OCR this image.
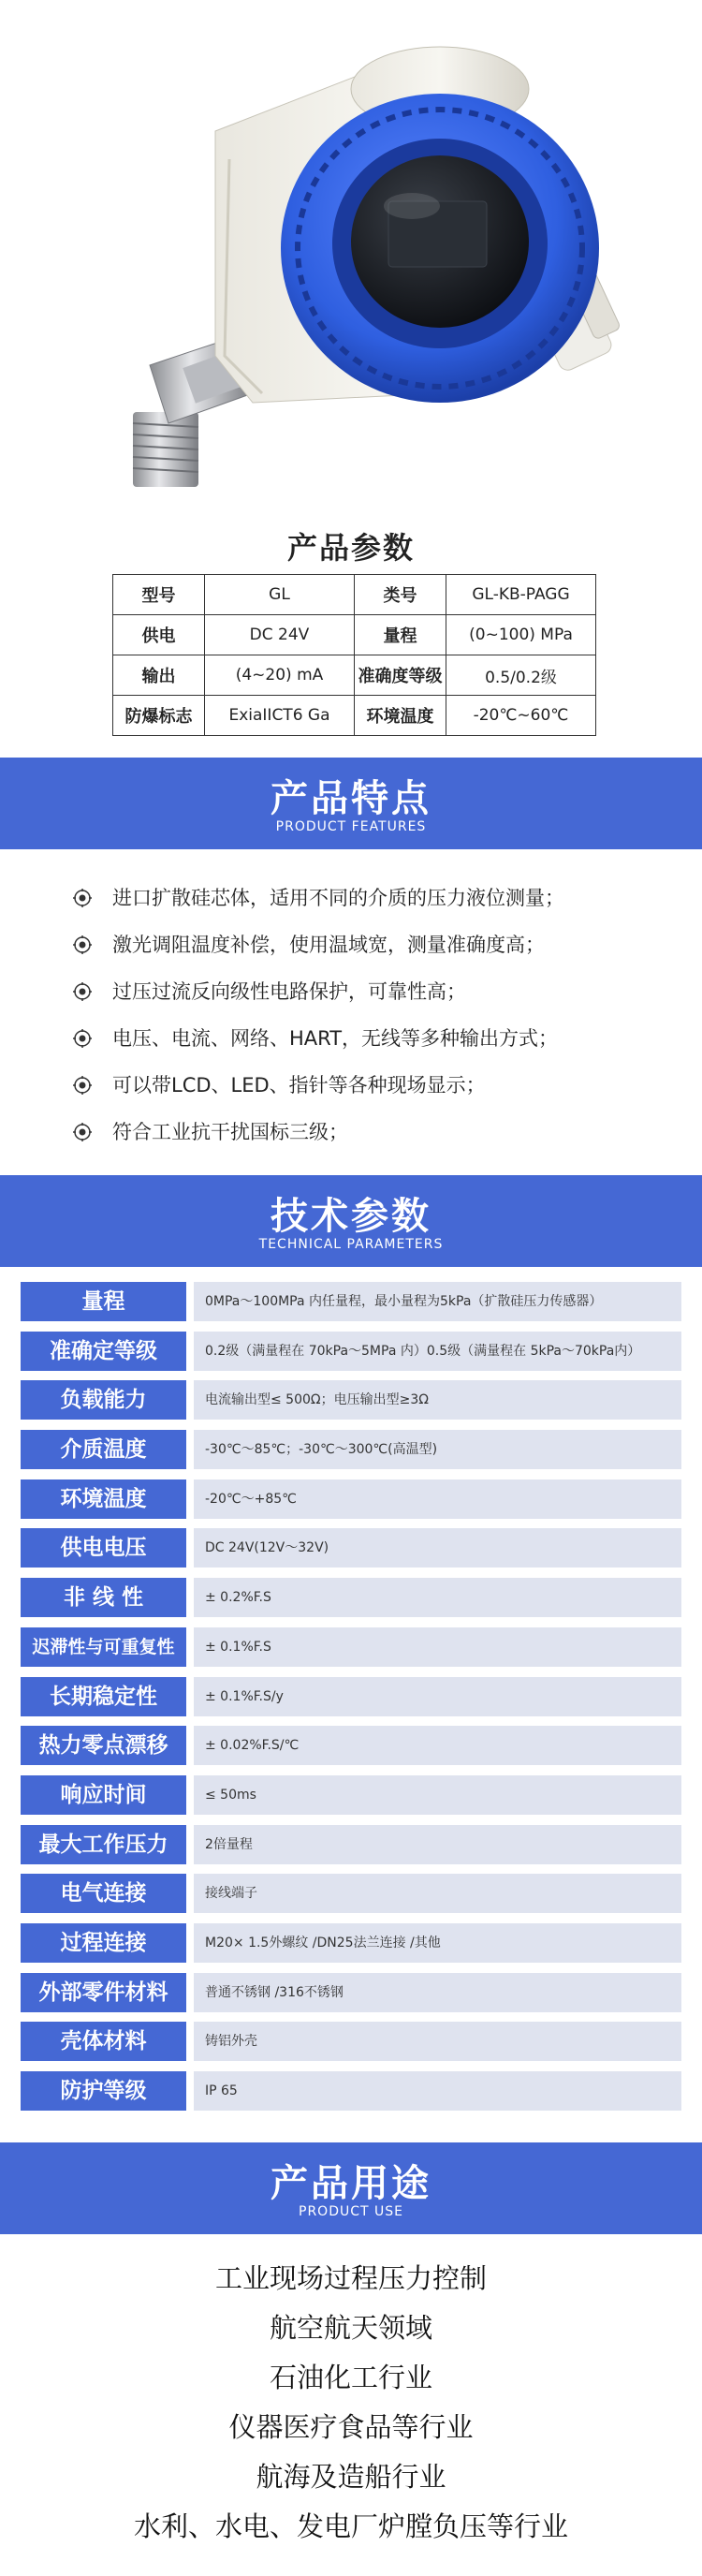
产品参数
型号	GL	类号	GL-KB-PAGG
供电	DC 24V	量程	(0~100) MPa
输出	(4~20) mA	准确度等级	0.5/0.2级
防爆标志	ExiaIICT6 Ga	环境温度	-20℃~60℃
产品特点
PRODUCT FEATURES
进口扩散硅芯体，适用不同的介质的压力液位测量；
激光调阻温度补偿，使用温域宽，测量准确度高；
过压过流反向级性电路保护，可靠性高；
电压、电流、网络、HART，无线等多种输出方式；
可以带LCD、LED、指针等各种现场显示；
符合工业抗干扰国标三级；
技术参数
TECHNICAL PARAMETERS
量程	0MPa～100MPa 内任量程，最小量程为5kPa（扩散硅压力传感器）
准确定等级	0.2级（满量程在 70kPa～5MPa 内）0.5级（满量程在 5kPa～70kPa内）
负载能力	电流输出型≤ 500Ω；电压输出型≥3Ω
介质温度	-30℃～85℃；-30℃～300℃(高温型)
环境温度	-20℃～+85℃
供电电压	DC 24V(12V～32V)
非 线 性	± 0.2%F.S
迟滞性与可重复性	± 0.1%F.S
长期稳定性	± 0.1%F.S/y
热力零点漂移	± 0.02%F.S/℃
响应时间	≤ 50ms
最大工作压力	2倍量程
电气连接	接线端子
过程连接	M20× 1.5外螺纹 /DN25法兰连接 /其他
外部零件材料	普通不锈钢 /316不锈钢
壳体材料	铸铝外壳
防护等级	IP 65
产品用途
PRODUCT USE
工业现场过程压力控制
航空航天领域
石油化工行业
仪器医疗食品等行业
航海及造船行业
水利、水电、发电厂炉膛负压等行业
